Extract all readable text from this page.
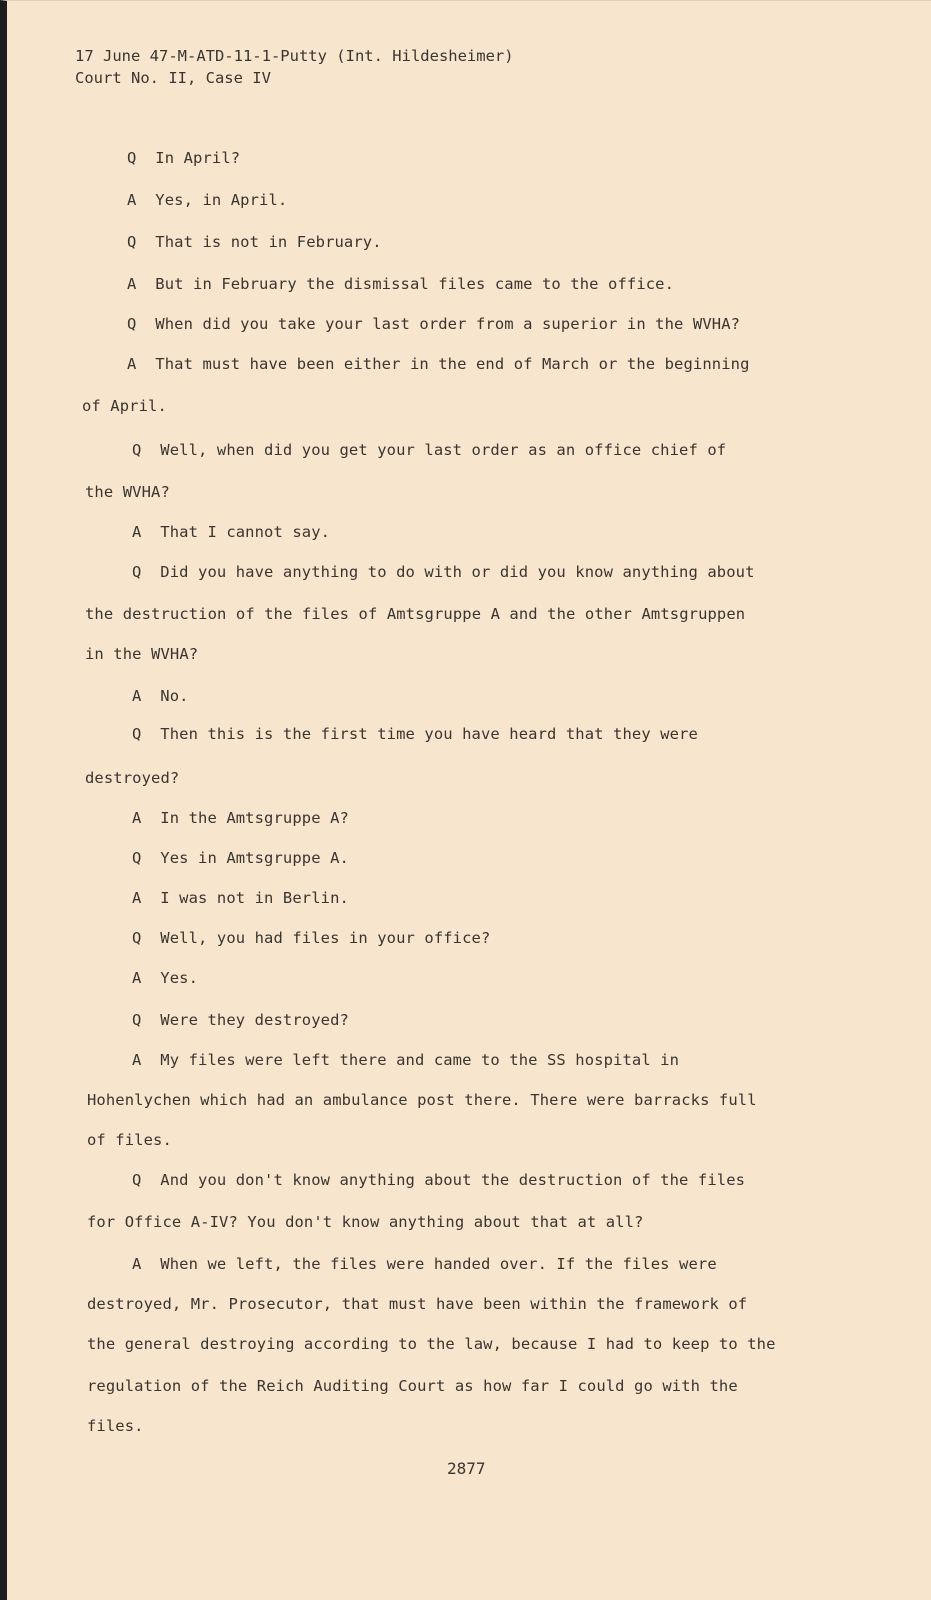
17 June 47-M-ATD-11-1-Putty (Int. Hildesheimer)
Court No. II, Case IV
Q  In April?
A  Yes, in April.
Q  That is not in February.
A  But in February the dismissal files came to the office.
Q  When did you take your last order from a superior in the WVHA?
A  That must have been either in the end of March or the beginning
of April.
Q  Well, when did you get your last order as an office chief of
the WVHA?
A  That I cannot say.
Q  Did you have anything to do with or did you know anything about
the destruction of the files of Amtsgruppe A and the other Amtsgruppen
in the WVHA?
A  No.
Q  Then this is the first time you have heard that they were
destroyed?
A  In the Amtsgruppe A?
Q  Yes in Amtsgruppe A.
A  I was not in Berlin.
Q  Well, you had files in your office?
A  Yes.
Q  Were they destroyed?
A  My files were left there and came to the SS hospital in
Hohenlychen which had an ambulance post there. There were barracks full
of files.
Q  And you don't know anything about the destruction of the files
for Office A-IV? You don't know anything about that at all?
A  When we left, the files were handed over. If the files were
destroyed, Mr. Prosecutor, that must have been within the framework of
the general destroying according to the law, because I had to keep to the
regulation of the Reich Auditing Court as how far I could go with the
files.
2877
